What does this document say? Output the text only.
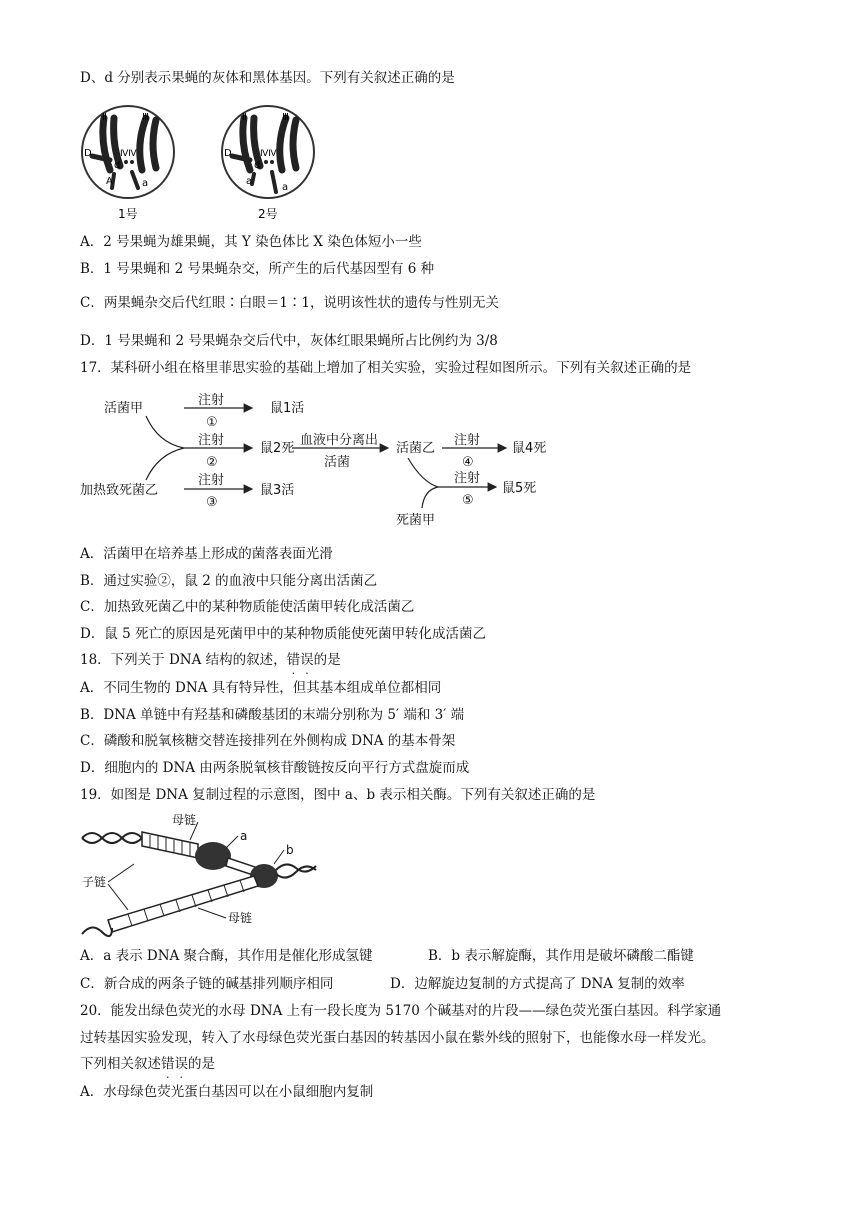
D、d 分别表示果蝇的灰体和黑体基因。下列有关叙述正确的是
Ⅱ	Ⅲ
ⅣⅣ
D
d
A	a
1号
Ⅱ	Ⅲ
ⅣⅣ
D
d
a
a
2号
A．2 号果蝇为雄果蝇，其 Y 染色体比 X 染色体短小一些
B．1 号果蝇和 2 号果蝇杂交，所产生的后代基因型有 6 种
C．两果蝇杂交后代红眼∶白眼＝1∶1，说明该性状的遗传与性别无关
D．1 号果蝇和 2 号果蝇杂交后代中，灰体红眼果蝇所占比例约为 3/8
17．某科研小组在格里菲思实验的基础上增加了相关实验，实验过程如图所示。下列有关叙述正确的是
活菌甲
注射
①
鼠1活
注射
②
鼠2死
血液中分离出
活菌
活菌乙
注射
④
鼠4死
加热致死菌乙
注射
③
鼠3活
注射
⑤
鼠5死
死菌甲
A．活菌甲在培养基上形成的菌落表面光滑
B．通过实验②，鼠 2 的血液中只能分离出活菌乙
C．加热致死菌乙中的某种物质能使活菌甲转化成活菌乙
D．鼠 5 死亡的原因是死菌甲中的某种物质能使死菌甲转化成活菌乙
18．下列关于 DNA 结构的叙述，错误的是
A．不同生物的 DNA 具有特异性，但其基本组成单位都相同
B．DNA 单链中有羟基和磷酸基团的末端分别称为 5′ 端和 3′ 端
C．磷酸和脱氧核糖交替连接排列在外侧构成 DNA 的基本骨架
D．细胞内的 DNA 由两条脱氧核苷酸链按反向平行方式盘旋而成
19．如图是 DNA 复制过程的示意图，图中 a、b 表示相关酶。下列有关叙述正确的是
母链
a
b
子链
母链
A．a 表示 DNA 聚合酶，其作用是催化形成氢键	B．b 表示解旋酶，其作用是破坏磷酸二酯键
C．新合成的两条子链的碱基排列顺序相同	D．边解旋边复制的方式提高了 DNA 复制的效率
20．能发出绿色荧光的水母 DNA 上有一段长度为 5170 个碱基对的片段——绿色荧光蛋白基因。科学家通
过转基因实验发现，转入了水母绿色荧光蛋白基因的转基因小鼠在紫外线的照射下，也能像水母一样发光。
下列相关叙述错误的是
A．水母绿色荧光蛋白基因可以在小鼠细胞内复制
